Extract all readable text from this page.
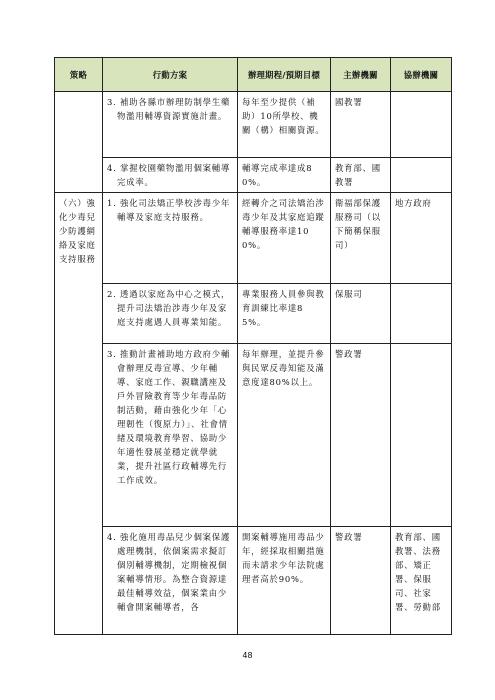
策略	行動方案	辦理期程/預期目標	主辦機關	協辦機關
	3. 補助各縣市辦理防制學生藥物濫用輔導資源實施計畫。	每年至少提供（補助）10所學校、機關（構）相關資源。	國教署	
	4. 掌握校園藥物濫用個案輔導完成率。	輔導完成率達成80%。	教育部、國教署	
（六）強化少毒兒少防護網絡及家庭支持服務	1. 強化司法矯正學校涉毒少年輔導及家庭支持服務。	經轉介之司法矯治涉毒少年及其家庭追蹤輔導服務率達100%。	衛福部保護服務司（以下簡稱保服司）	地方政府
	2. 透過以家庭為中心之模式，提升司法矯治涉毒少年及家庭支持處遇人員專業知能。	專業服務人員參與教育訓練比率達85%。	保服司	
	3. 推動計畫補助地方政府少輔會辦理反毒宣導、少年輔導、家庭工作、親職講座及戶外冒險教育等少年毒品防制活動，藉由強化少年「心理韌性（復原力）」、社會情緒及環境教育學習、協助少年適性發展並穩定就學就業，提升社區行政輔導先行工作成效。	每年辦理，並提升參與民眾反毒知能及滿意度達80%以上。	警政署	
	4. 強化施用毒品兒少個案保護處理機制，依個案需求擬訂個別輔導機制，定期檢視個案輔導情形。為整合資源達最佳輔導效益，個案業由少輔會開案輔導者，各	開案輔導施用毒品少年，經採取相關措施而未請求少年法院處理者高於90%。	警政署	教育部、國教署、法務部、矯正署、保服司、社家署、勞動部
48
